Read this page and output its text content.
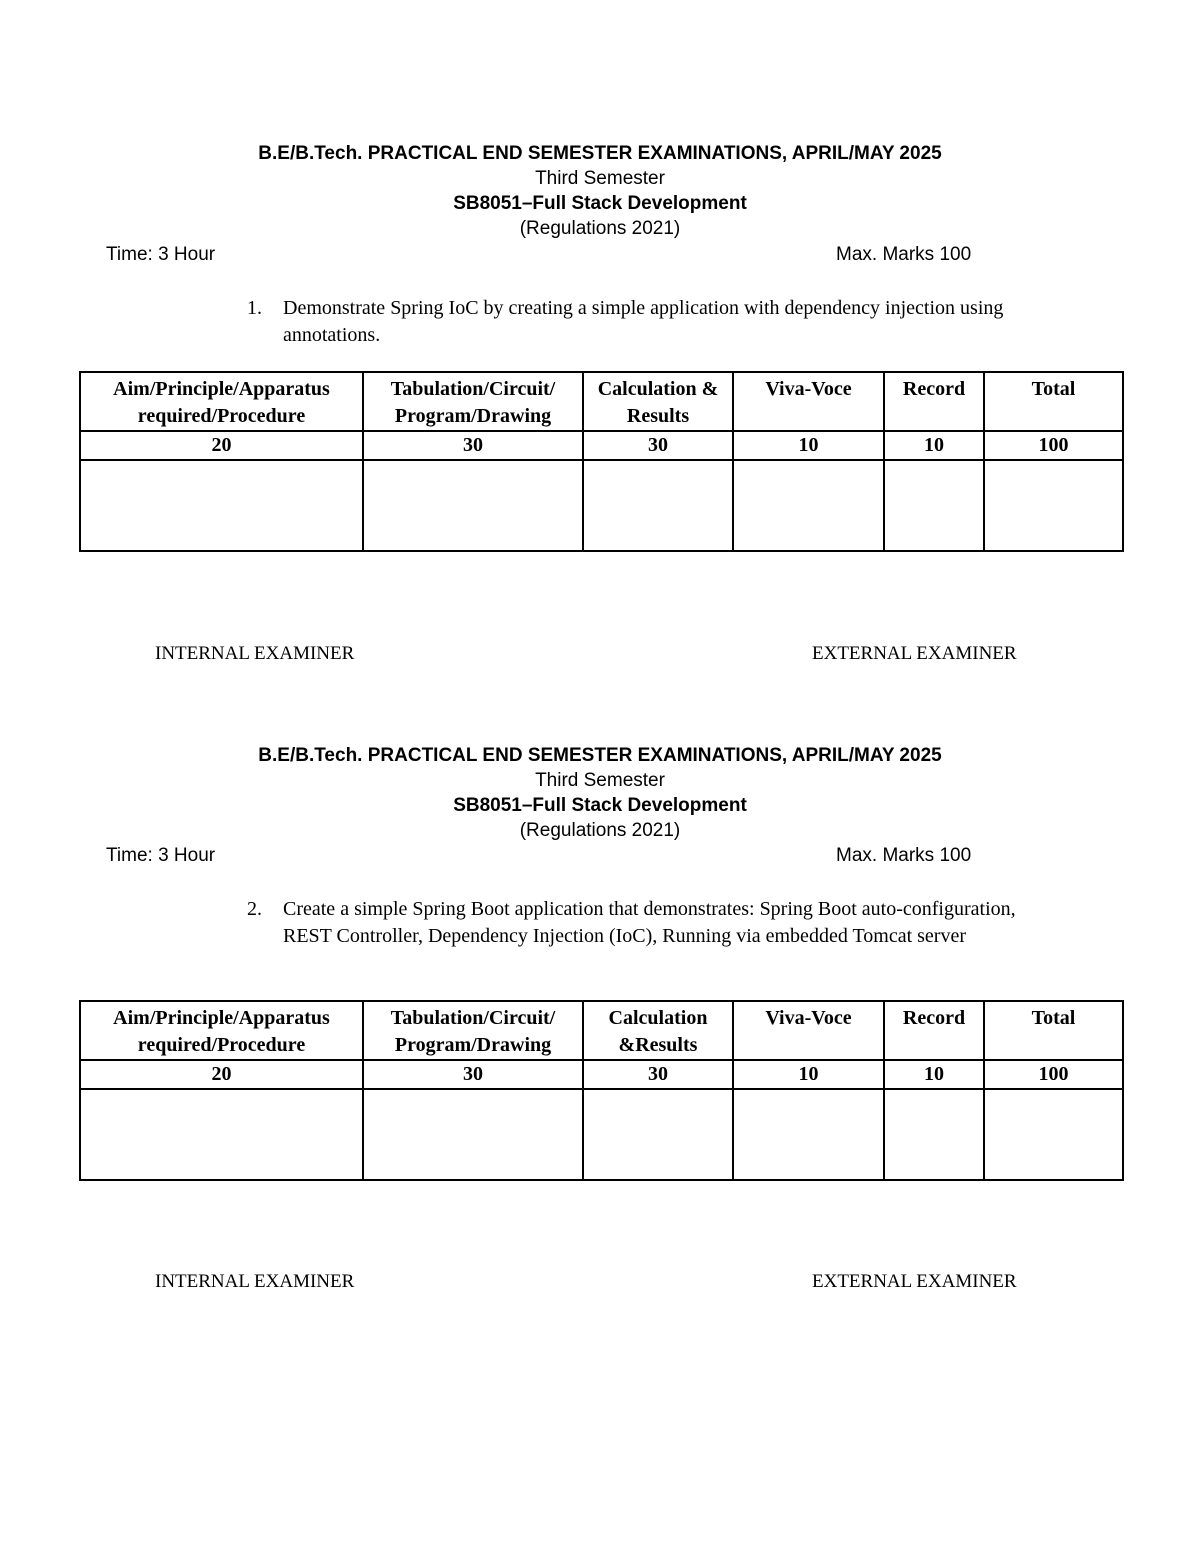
B.E/B.Tech. PRACTICAL END SEMESTER EXAMINATIONS, APRIL/MAY 2025
Third Semester
SB8051–Full Stack Development
(Regulations 2021)
Time: 3 Hour	Max. Marks 100
1. Demonstrate Spring IoC by creating a simple application with dependency injection using annotations.
Aim/Principle/Apparatus required/Procedure	Tabulation/Circuit/ Program/Drawing	Calculation & Results	Viva-Voce	Record	Total
20	30	30	10	10	100

INTERNAL EXAMINER	EXTERNAL EXAMINER
B.E/B.Tech. PRACTICAL END SEMESTER EXAMINATIONS, APRIL/MAY 2025
Third Semester
SB8051–Full Stack Development
(Regulations 2021)
Time: 3 Hour	Max. Marks 100
2. Create a simple Spring Boot application that demonstrates: Spring Boot auto-configuration, REST Controller, Dependency Injection (IoC), Running via embedded Tomcat server
Aim/Principle/Apparatus required/Procedure	Tabulation/Circuit/ Program/Drawing	Calculation &Results	Viva-Voce	Record	Total
20	30	30	10	10	100

INTERNAL EXAMINER	EXTERNAL EXAMINER
